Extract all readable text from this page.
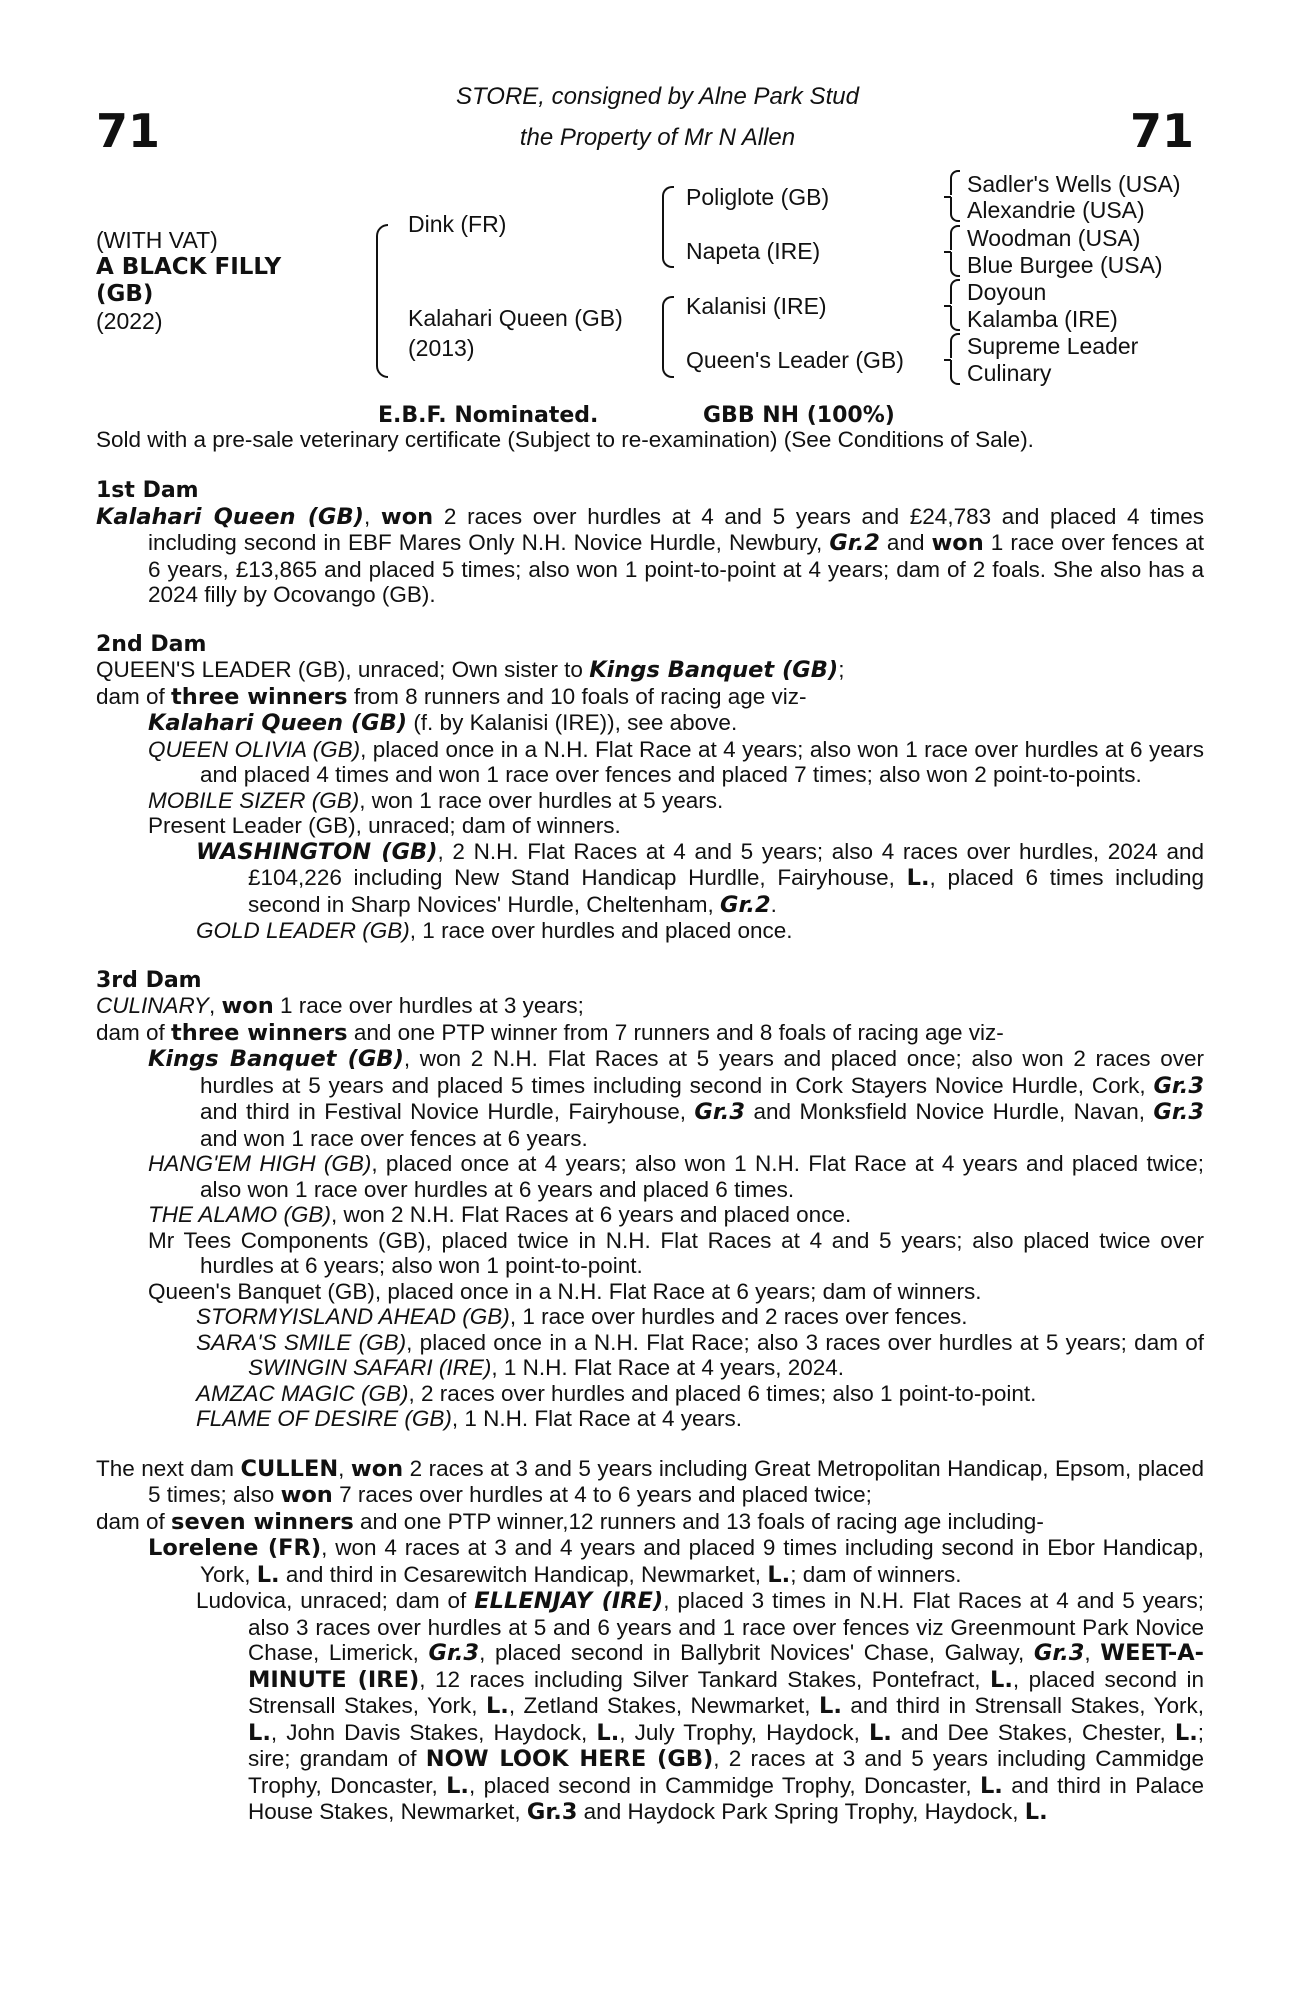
71	71
STORE, consigned by Alne Park Stud
the Property of Mr N Allen
(WITH VAT)
A BLACK FILLY
(GB)
(2022)
Dink (FR)
Kalahari Queen (GB)
(2013)
Poliglote (GB)
Napeta (IRE)
Kalanisi (IRE)
Queen's Leader (GB)
Sadler's Wells (USA)
Alexandrie (USA)
Woodman (USA)
Blue Burgee (USA)
Doyoun
Kalamba (IRE)
Supreme Leader
Culinary
E.B.F. Nominated.	GBB NH (100%)
Sold with a pre-sale veterinary certificate (Subject to re-examination) (See Conditions of Sale).

1st Dam

Kalahari Queen (GB), won 2 races over hurdles at 4 and 5 years and £24,783 and placed 4 times including second in EBF Mares Only N.H. Novice Hurdle, Newbury, Gr.2 and won 1 race over fences at 6 years, £13,865 and placed 5 times; also won 1 point-to-point at 4 years; dam of 2 foals. She also has a 2024 filly by Ocovango (GB).

2nd Dam

QUEEN'S LEADER (GB), unraced; Own sister to Kings Banquet (GB);

dam of three winners from 8 runners and 10 foals of racing age viz-

Kalahari Queen (GB) (f. by Kalanisi (IRE)), see above.

QUEEN OLIVIA (GB), placed once in a N.H. Flat Race at 4 years; also won 1 race over hurdles at 6 years and placed 4 times and won 1 race over fences and placed 7 times; also won 2 point-to-points.

MOBILE SIZER (GB), won 1 race over hurdles at 5 years.

Present Leader (GB), unraced; dam of winners.

WASHINGTON (GB), 2 N.H. Flat Races at 4 and 5 years; also 4 races over hurdles, 2024 and £104,226 including New Stand Handicap Hurdlle, Fairyhouse, L., placed 6 times including second in Sharp Novices' Hurdle, Cheltenham, Gr.2.

GOLD LEADER (GB), 1 race over hurdles and placed once.

3rd Dam

CULINARY, won 1 race over hurdles at 3 years;

dam of three winners and one PTP winner from 7 runners and 8 foals of racing age viz-

Kings Banquet (GB), won 2 N.H. Flat Races at 5 years and placed once; also won 2 races over hurdles at 5 years and placed 5 times including second in Cork Stayers Novice Hurdle, Cork, Gr.3 and third in Festival Novice Hurdle, Fairyhouse, Gr.3 and Monksfield Novice Hurdle, Navan, Gr.3 and won 1 race over fences at 6 years.

HANG'EM HIGH (GB), placed once at 4 years; also won 1 N.H. Flat Race at 4 years and placed twice; also won 1 race over hurdles at 6 years and placed 6 times.

THE ALAMO (GB), won 2 N.H. Flat Races at 6 years and placed once.

Mr Tees Components (GB), placed twice in N.H. Flat Races at 4 and 5 years; also placed twice over hurdles at 6 years; also won 1 point-to-point.

Queen's Banquet (GB), placed once in a N.H. Flat Race at 6 years; dam of winners.

STORMYISLAND AHEAD (GB), 1 race over hurdles and 2 races over fences.

SARA'S SMILE (GB), placed once in a N.H. Flat Race; also 3 races over hurdles at 5 years; dam of SWINGIN SAFARI (IRE), 1 N.H. Flat Race at 4 years, 2024.

AMZAC MAGIC (GB), 2 races over hurdles and placed 6 times; also 1 point-to-point.

FLAME OF DESIRE (GB), 1 N.H. Flat Race at 4 years.

The next dam CULLEN, won 2 races at 3 and 5 years including Great Metropolitan Handicap, Epsom, placed 5 times; also won 7 races over hurdles at 4 to 6 years and placed twice;

dam of seven winners and one PTP winner,12 runners and 13 foals of racing age including-

Lorelene (FR), won 4 races at 3 and 4 years and placed 9 times including second in Ebor Handicap, York, L. and third in Cesarewitch Handicap, Newmarket, L.; dam of winners.

Ludovica, unraced; dam of ELLENJAY (IRE), placed 3 times in N.H. Flat Races at 4 and 5 years; also 3 races over hurdles at 5 and 6 years and 1 race over fences viz Greenmount Park Novice Chase, Limerick, Gr.3, placed second in Ballybrit Novices' Chase, Galway, Gr.3, WEET-A-MINUTE (IRE), 12 races including Silver Tankard Stakes, Pontefract, L., placed second in Strensall Stakes, York, L., Zetland Stakes, Newmarket, L. and third in Strensall Stakes, York, L., John Davis Stakes, Haydock, L., July Trophy, Haydock, L. and Dee Stakes, Chester, L.; sire; grandam of NOW LOOK HERE (GB), 2 races at 3 and 5 years including Cammidge Trophy, Doncaster, L., placed second in Cammidge Trophy, Doncaster, L. and third in Palace House Stakes, Newmarket, Gr.3 and Haydock Park Spring Trophy, Haydock, L.
